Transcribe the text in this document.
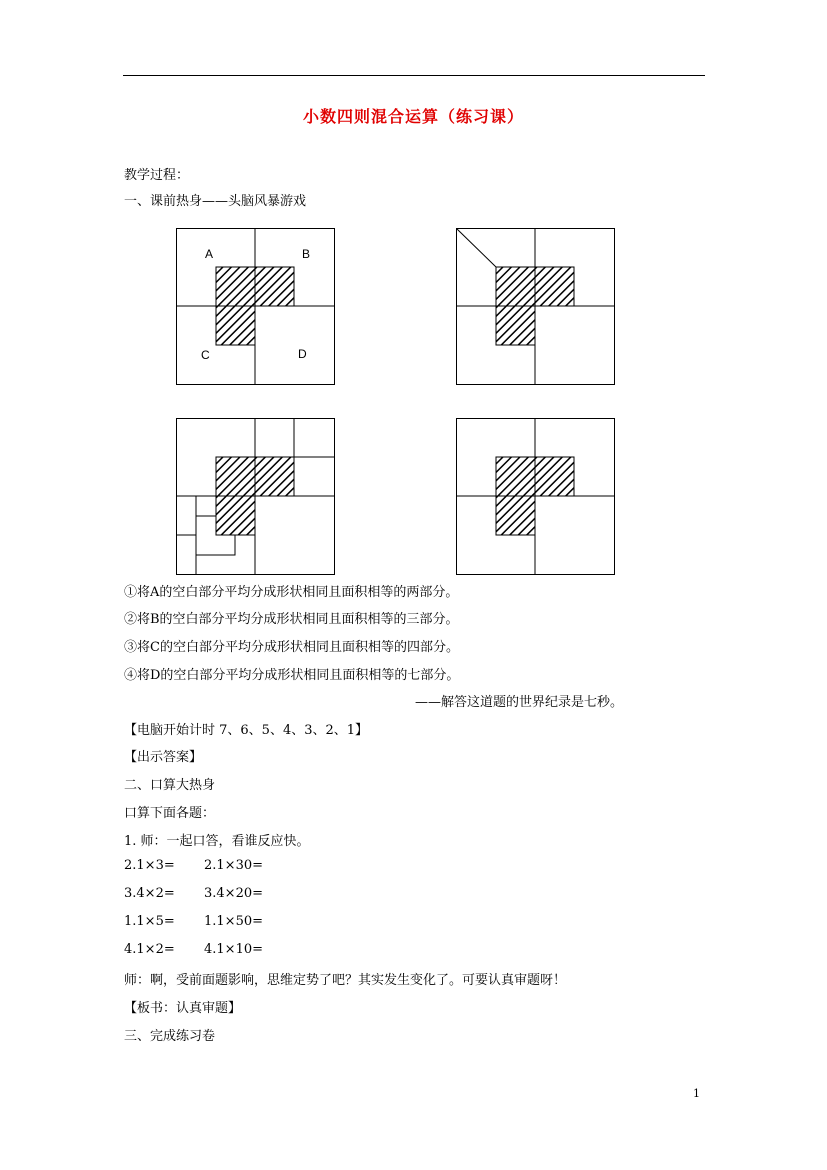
小数四则混合运算（练习课）
教学过程：
一、课前热身——头脑风暴游戏
A	B
C	D
①将A的空白部分平均分成形状相同且面积相等的两部分。
②将B的空白部分平均分成形状相同且面积相等的三部分。
③将C的空白部分平均分成形状相同且面积相等的四部分。
④将D的空白部分平均分成形状相同且面积相等的七部分。
——解答这道题的世界纪录是七秒。
【电脑开始计时 7、6、5、4、3、2、1】
【出示答案】
二、口算大热身
口算下面各题：
1. 师：一起口答，看谁反应快。
2.1×3= 2.1×30=
3.4×2= 3.4×20=
1.1×5= 1.1×50=
4.1×2= 4.1×10=
师：啊，受前面题影响，思维定势了吧？其实发生变化了。可要认真审题呀！
【板书：认真审题】
三、完成练习卷
1
